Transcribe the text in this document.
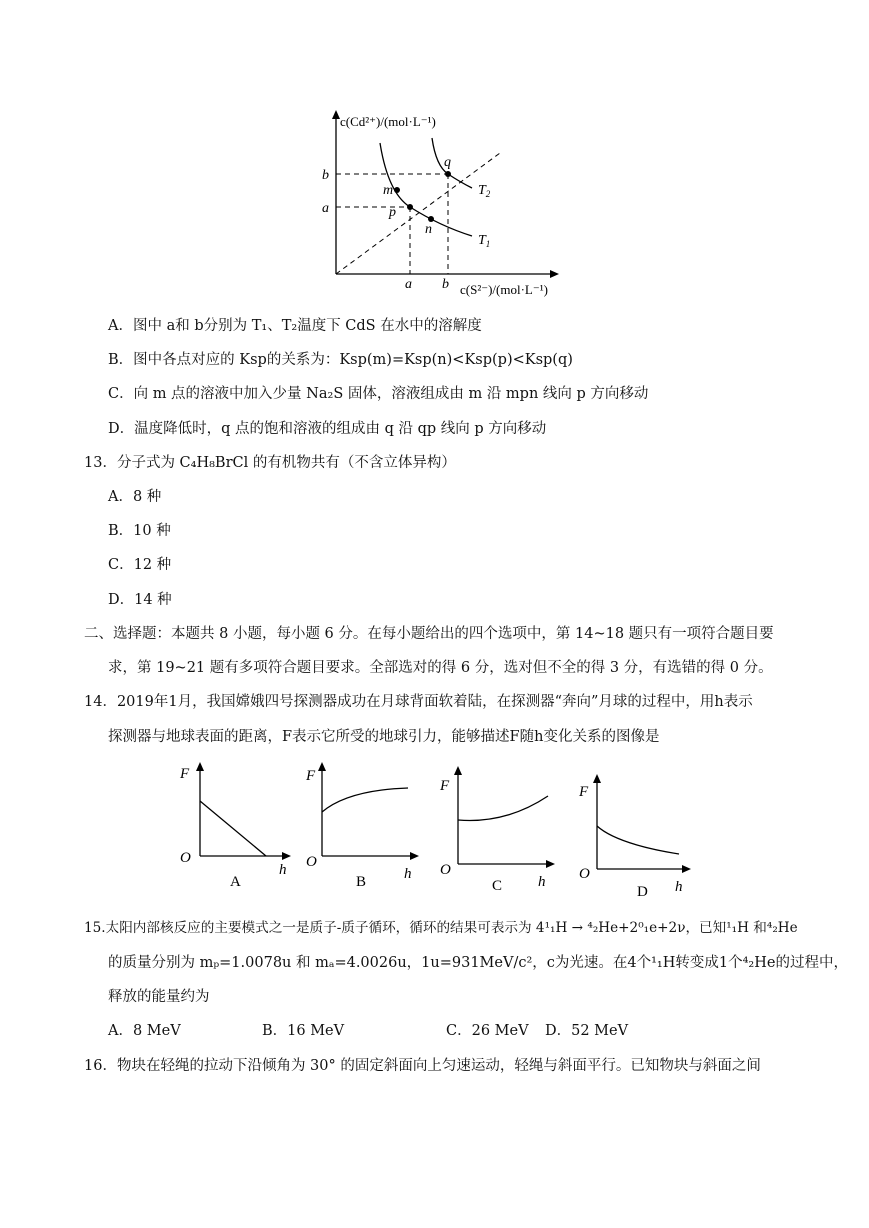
c(Cd²⁺)/(mol·L⁻¹)
c(S²⁻)/(mol·L⁻¹)
b
a
a b
m
p
n
q
$T_1$
$T_2$
A．图中 a和 b分别为 T₁、T₂温度下 CdS 在水中的溶解度
B．图中各点对应的 Ksp的关系为：Ksp(m)=Ksp(n)<Ksp(p)<Ksp(q)
C．向 m 点的溶液中加入少量 Na₂S 固体，溶液组成由 m 沿 mpn 线向 p 方向移动
D．温度降低时，q 点的饱和溶液的组成由 q 沿 qp 线向 p 方向移动
13．分子式为 C₄H₈BrCl 的有机物共有（不含立体异构）
A．8 种
B．10 种
C．12 种
D．14 种
二、选择题：本题共 8 小题，每小题 6 分。在每小题给出的四个选项中，第 14~18 题只有一项符合题目要
求，第 19~21 题有多项符合题目要求。全部选对的得 6 分，选对但不全的得 3 分，有选错的得 0 分。
14．2019年1月，我国嫦娥四号探测器成功在月球背面软着陆，在探测器“奔向”月球的过程中，用h表示
探测器与地球表面的距离，F表示它所受的地球引力，能够描述F随h变化关系的图像是
F
O
h
A
F
O
h
B
F
O
h
C
F
O
h
D
15.太阳内部核反应的主要模式之一是质子-质子循环，循环的结果可表示为 4¹₁H → ⁴₂He+2⁰₁e+2ν，已知¹₁H 和⁴₂He
的质量分别为 mₚ=1.0078u 和 mₐ=4.0026u，1u=931MeV/c²，c为光速。在4个¹₁H转变成1个⁴₂He的过程中，
释放的能量约为
A．8 MeV	B．16 MeV	C．26 MeV D．52 MeV
16．物块在轻绳的拉动下沿倾角为 30° 的固定斜面向上匀速运动，轻绳与斜面平行。已知物块与斜面之间
